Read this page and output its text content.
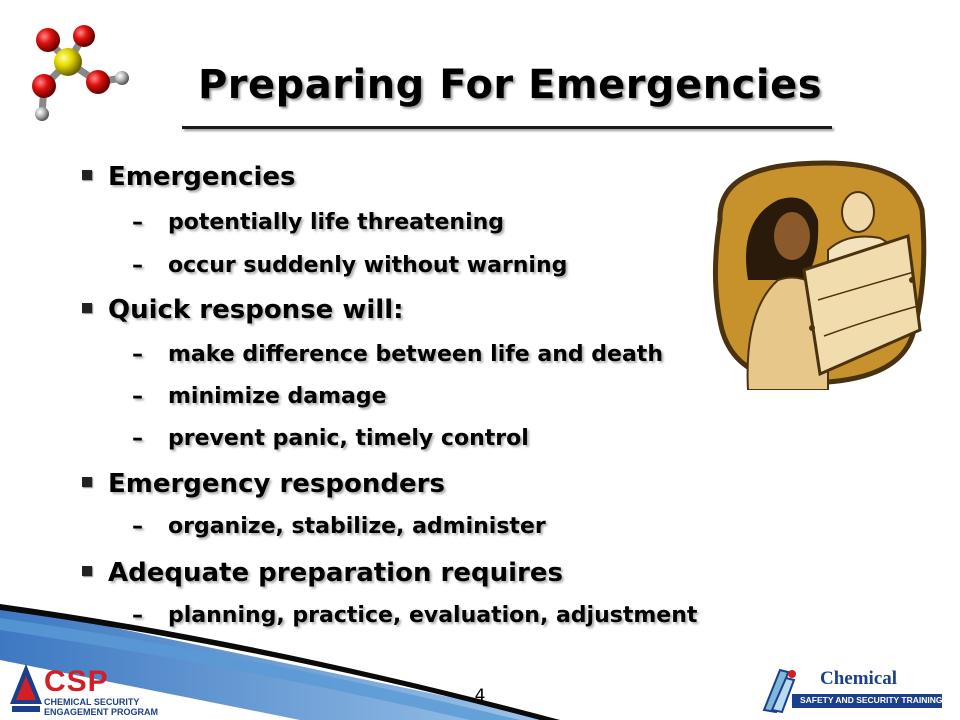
Preparing For Emergencies
Emergencies
– potentially life threatening
– occur suddenly without warning
Quick response will:
– make difference between life and death
– minimize damage
– prevent panic, timely control
Emergency responders
– organize, stabilize, administer
Adequate preparation requires
– planning, practice, evaluation, adjustment
CSP
CHEMICAL SECURITY
ENGAGEMENT PROGRAM
4
Chemical
SAFETY AND SECURITY TRAINING
